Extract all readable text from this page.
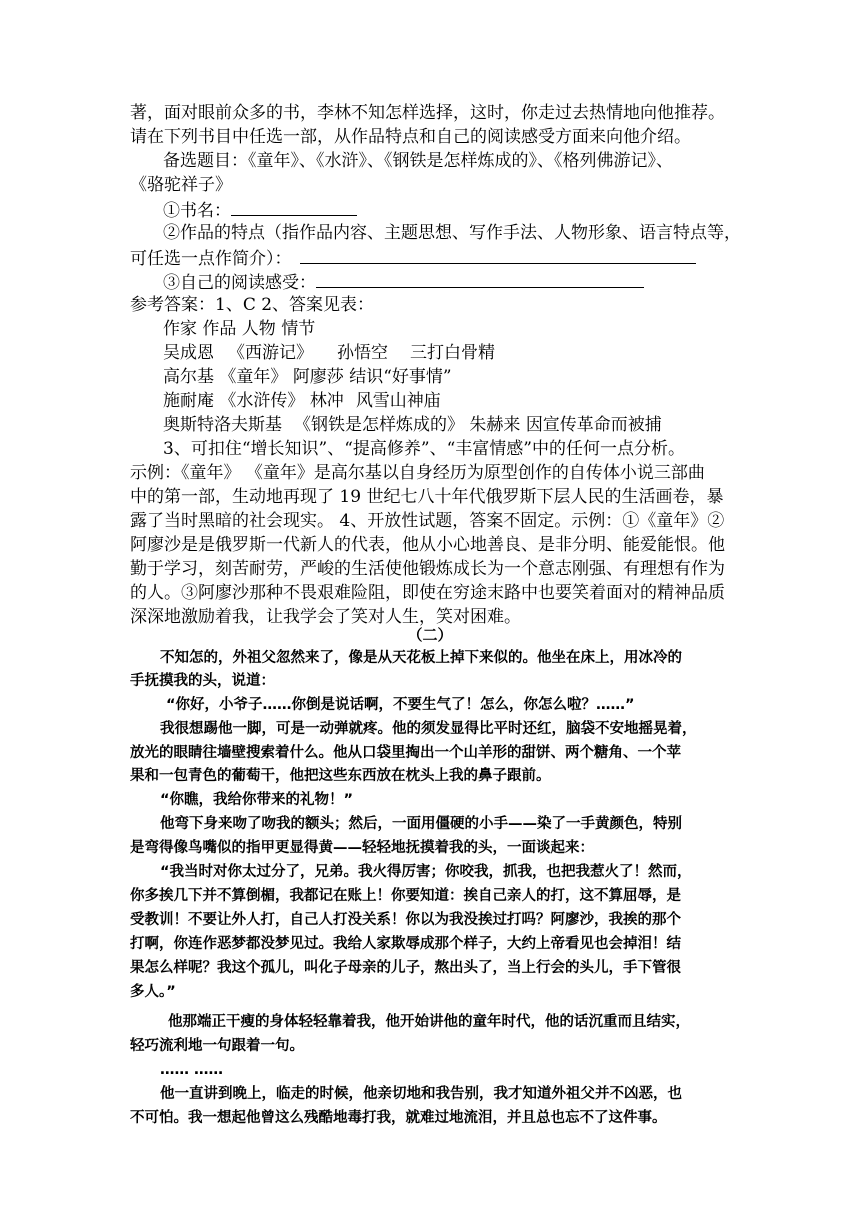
著，面对眼前众多的书，李林不知怎样选择，这时，你走过去热情地向他推荐。
请在下列书目中任选一部，从作品特点和自己的阅读感受方面来向他介绍。
备选题目：《童年》、《水浒》、《钢铁是怎样炼成的》、《格列佛游记》、
《骆驼祥子》
①书名：
②作品的特点（指作品内容、主题思想、写作手法、人物形象、语言特点等，
可任选一点作简介）：
③自己的阅读感受：
参考答案：1、C 2、答案见表：
作家 作品 人物 情节
吴成恩 《西游记》 孙悟空 三打白骨精
高尔基 《童年》 阿廖莎 结识“好事情”
施耐庵 《水浒传》 林冲 风雪山神庙
奥斯特洛夫斯基 《钢铁是怎样炼成的》 朱赫来 因宣传革命而被捕
3、可扣住“增长知识”、“提高修养”、“丰富情感”中的任何一点分析。
示例：《童年》 《童年》是高尔基以自身经历为原型创作的自传体小说三部曲
中的第一部，生动地再现了 19 世纪七八十年代俄罗斯下层人民的生活画卷，暴
露了当时黑暗的社会现实。 4、开放性试题，答案不固定。示例：①《童年》②
阿廖沙是是俄罗斯一代新人的代表，他从小心地善良、是非分明、能爱能恨。他
勤于学习，刻苦耐劳，严峻的生活使他锻炼成长为一个意志刚强、有理想有作为
的人。③阿廖沙那种不畏艰难险阻，即使在穷途末路中也要笑着面对的精神品质
深深地激励着我，让我学会了笑对人生，笑对困难。
（二）
不知怎的，外祖父忽然来了，像是从天花板上掉下来似的。他坐在床上，用冰冷的
手抚摸我的头，说道：
“你好，小爷子……你倒是说话啊，不要生气了！怎么，你怎么啦？……”
我很想踢他一脚，可是一动弹就疼。他的须发显得比平时还红，脑袋不安地摇晃着，
放光的眼睛往墙壁搜索着什么。他从口袋里掏出一个山羊形的甜饼、两个糖角、一个苹
果和一包青色的葡萄干，他把这些东西放在枕头上我的鼻子跟前。
“你瞧，我给你带来的礼物！”
他弯下身来吻了吻我的额头；然后，一面用僵硬的小手——染了一手黄颜色，特别
是弯得像鸟嘴似的指甲更显得黄——轻轻地抚摸着我的头，一面谈起来：
“我当时对你太过分了，兄弟。我火得厉害；你咬我，抓我，也把我惹火了！然而，
你多挨几下并不算倒楣，我都记在账上！你要知道：挨自己亲人的打，这不算屈辱，是
受教训！不要让外人打，自己人打没关系！你以为我没挨过打吗？阿廖沙，我挨的那个
打啊，你连作恶梦都没梦见过。我给人家欺辱成那个样子，大约上帝看见也会掉泪！结
果怎么样呢？我这个孤儿，叫化子母亲的儿子，熬出头了，当上行会的头儿，手下管很
多人。”
他那端正干瘦的身体轻轻靠着我，他开始讲他的童年时代，他的话沉重而且结实，
轻巧流利地一句跟着一句。
…… ……
他一直讲到晚上，临走的时候，他亲切地和我告别，我才知道外祖父并不凶恶，也
不可怕。我一想起他曾这么残酷地毒打我，就难过地流泪，并且总也忘不了这件事。
